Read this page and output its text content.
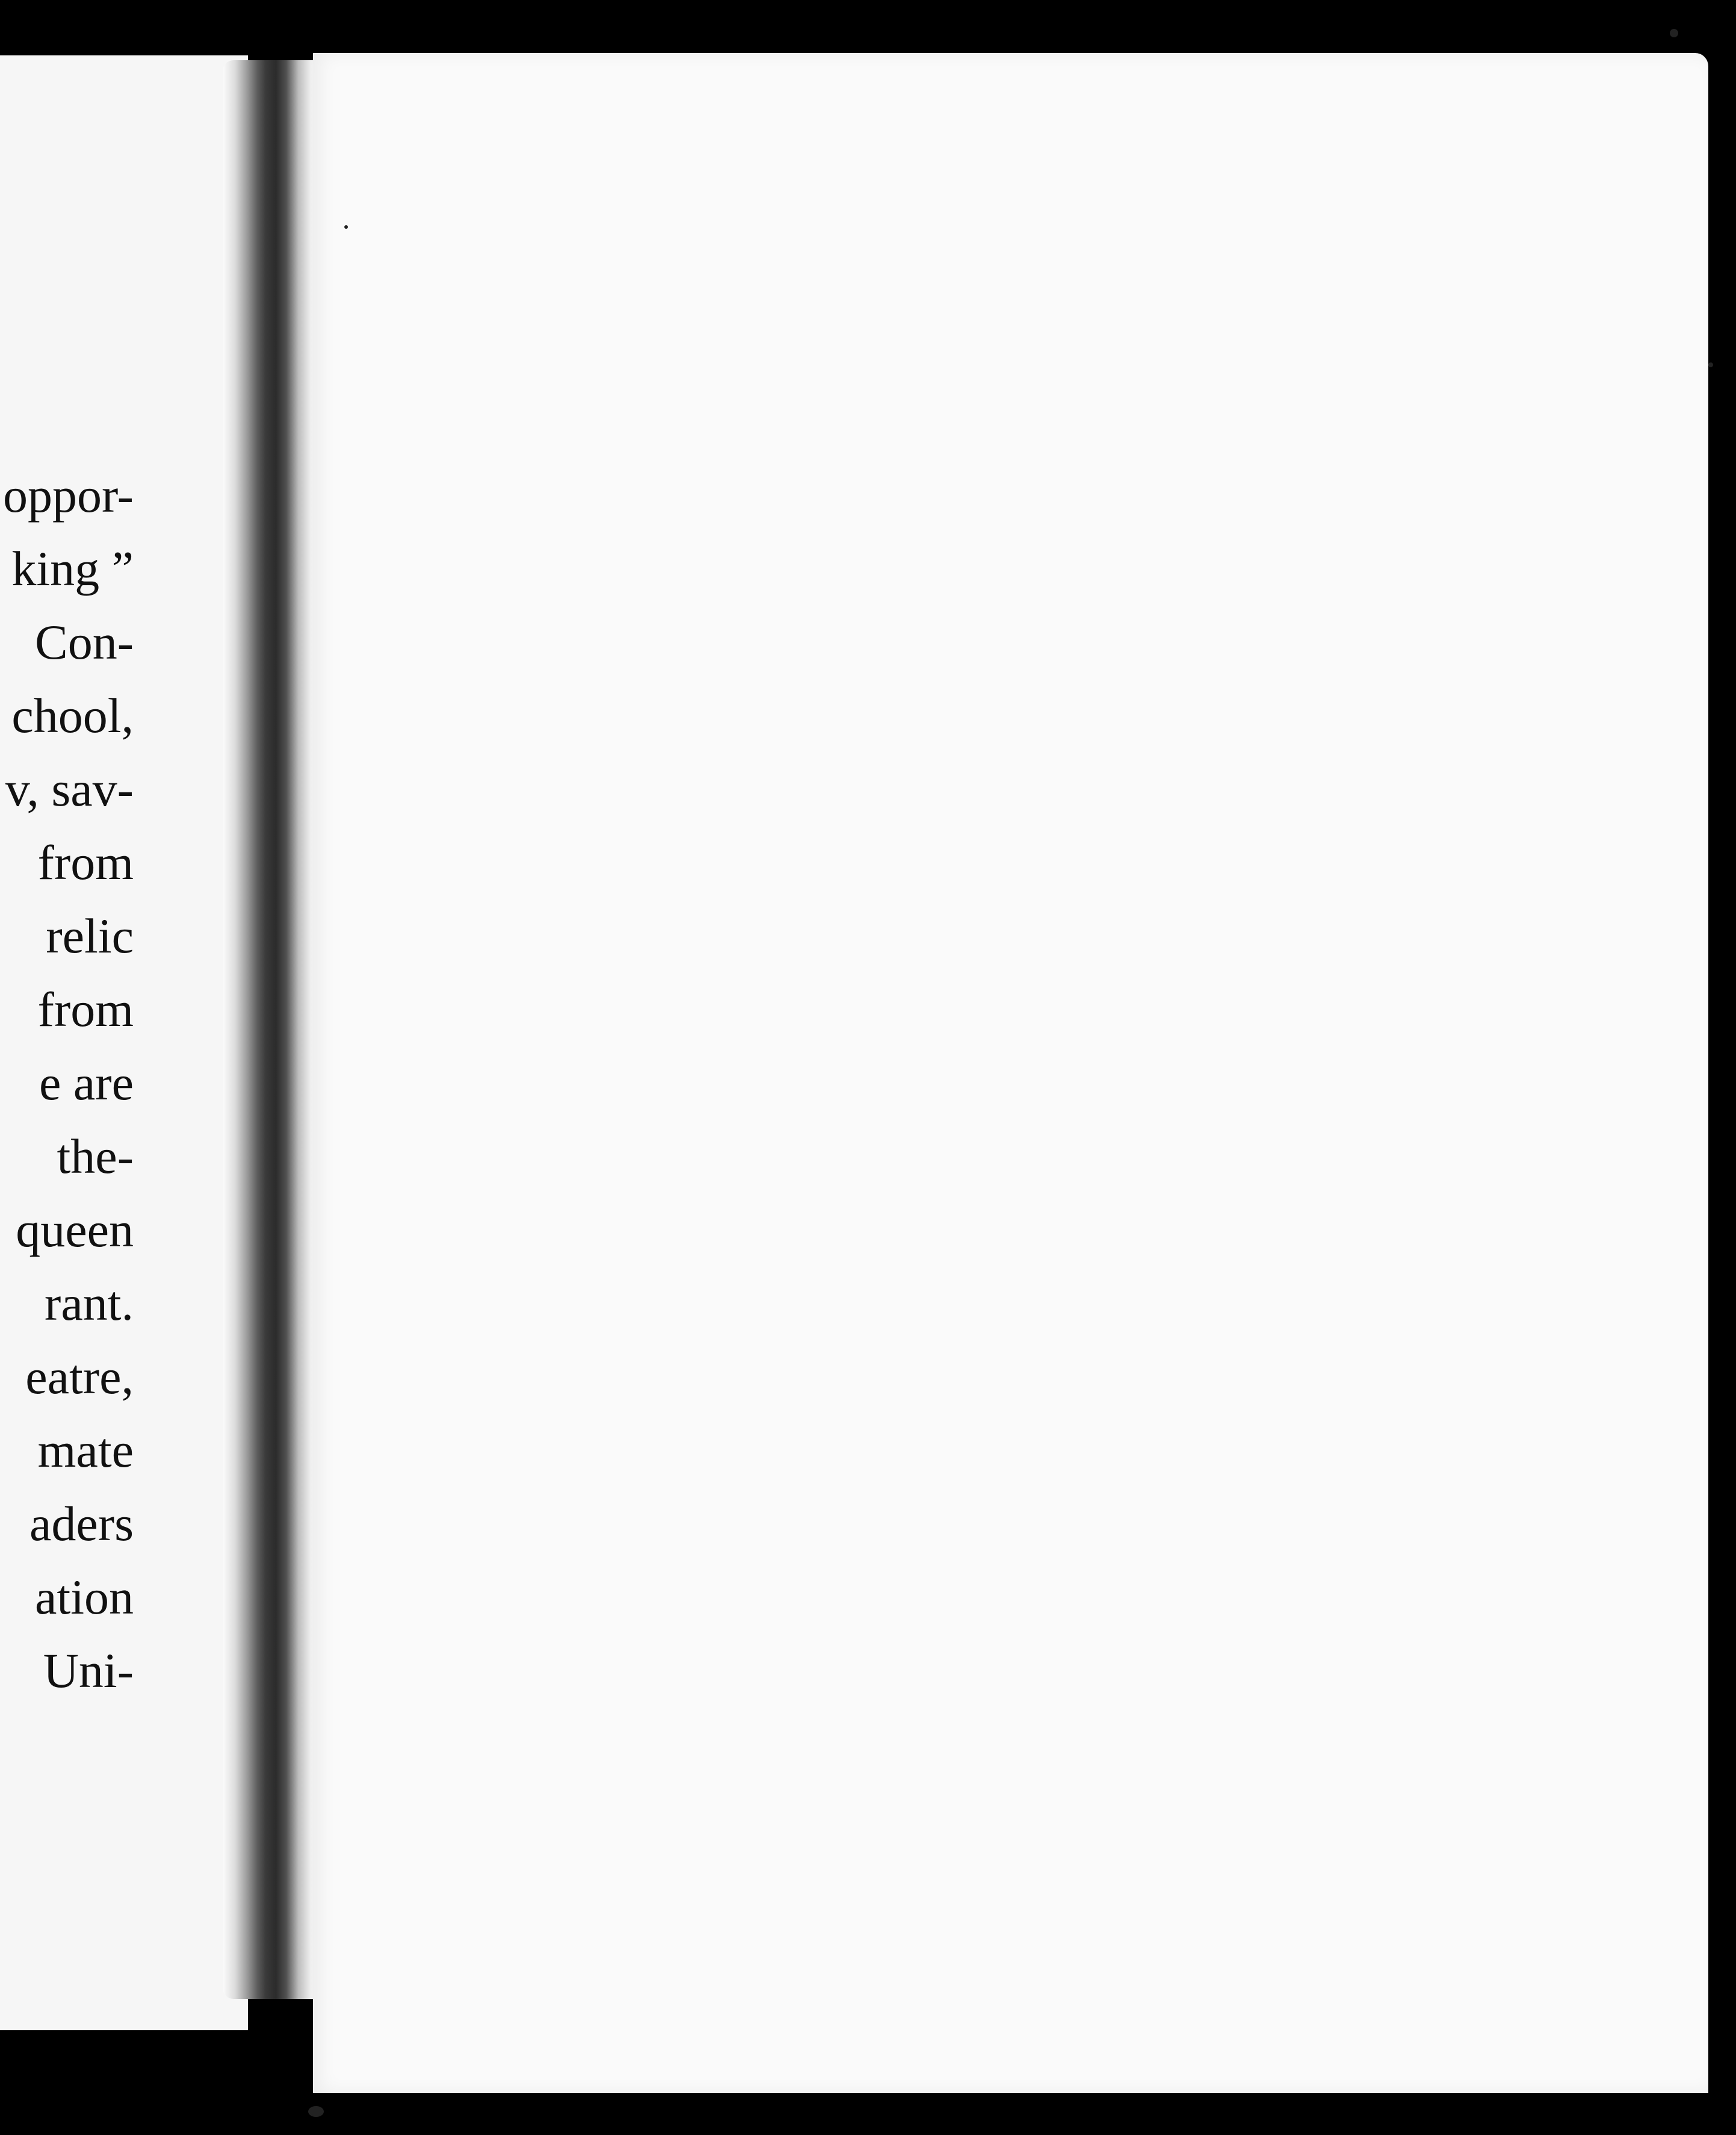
oppor-
king ”
Con-
chool,
v, sav-
from
relic
from
e are
the-
queen
rant.
eatre,
mate
aders
ation
Uni-
